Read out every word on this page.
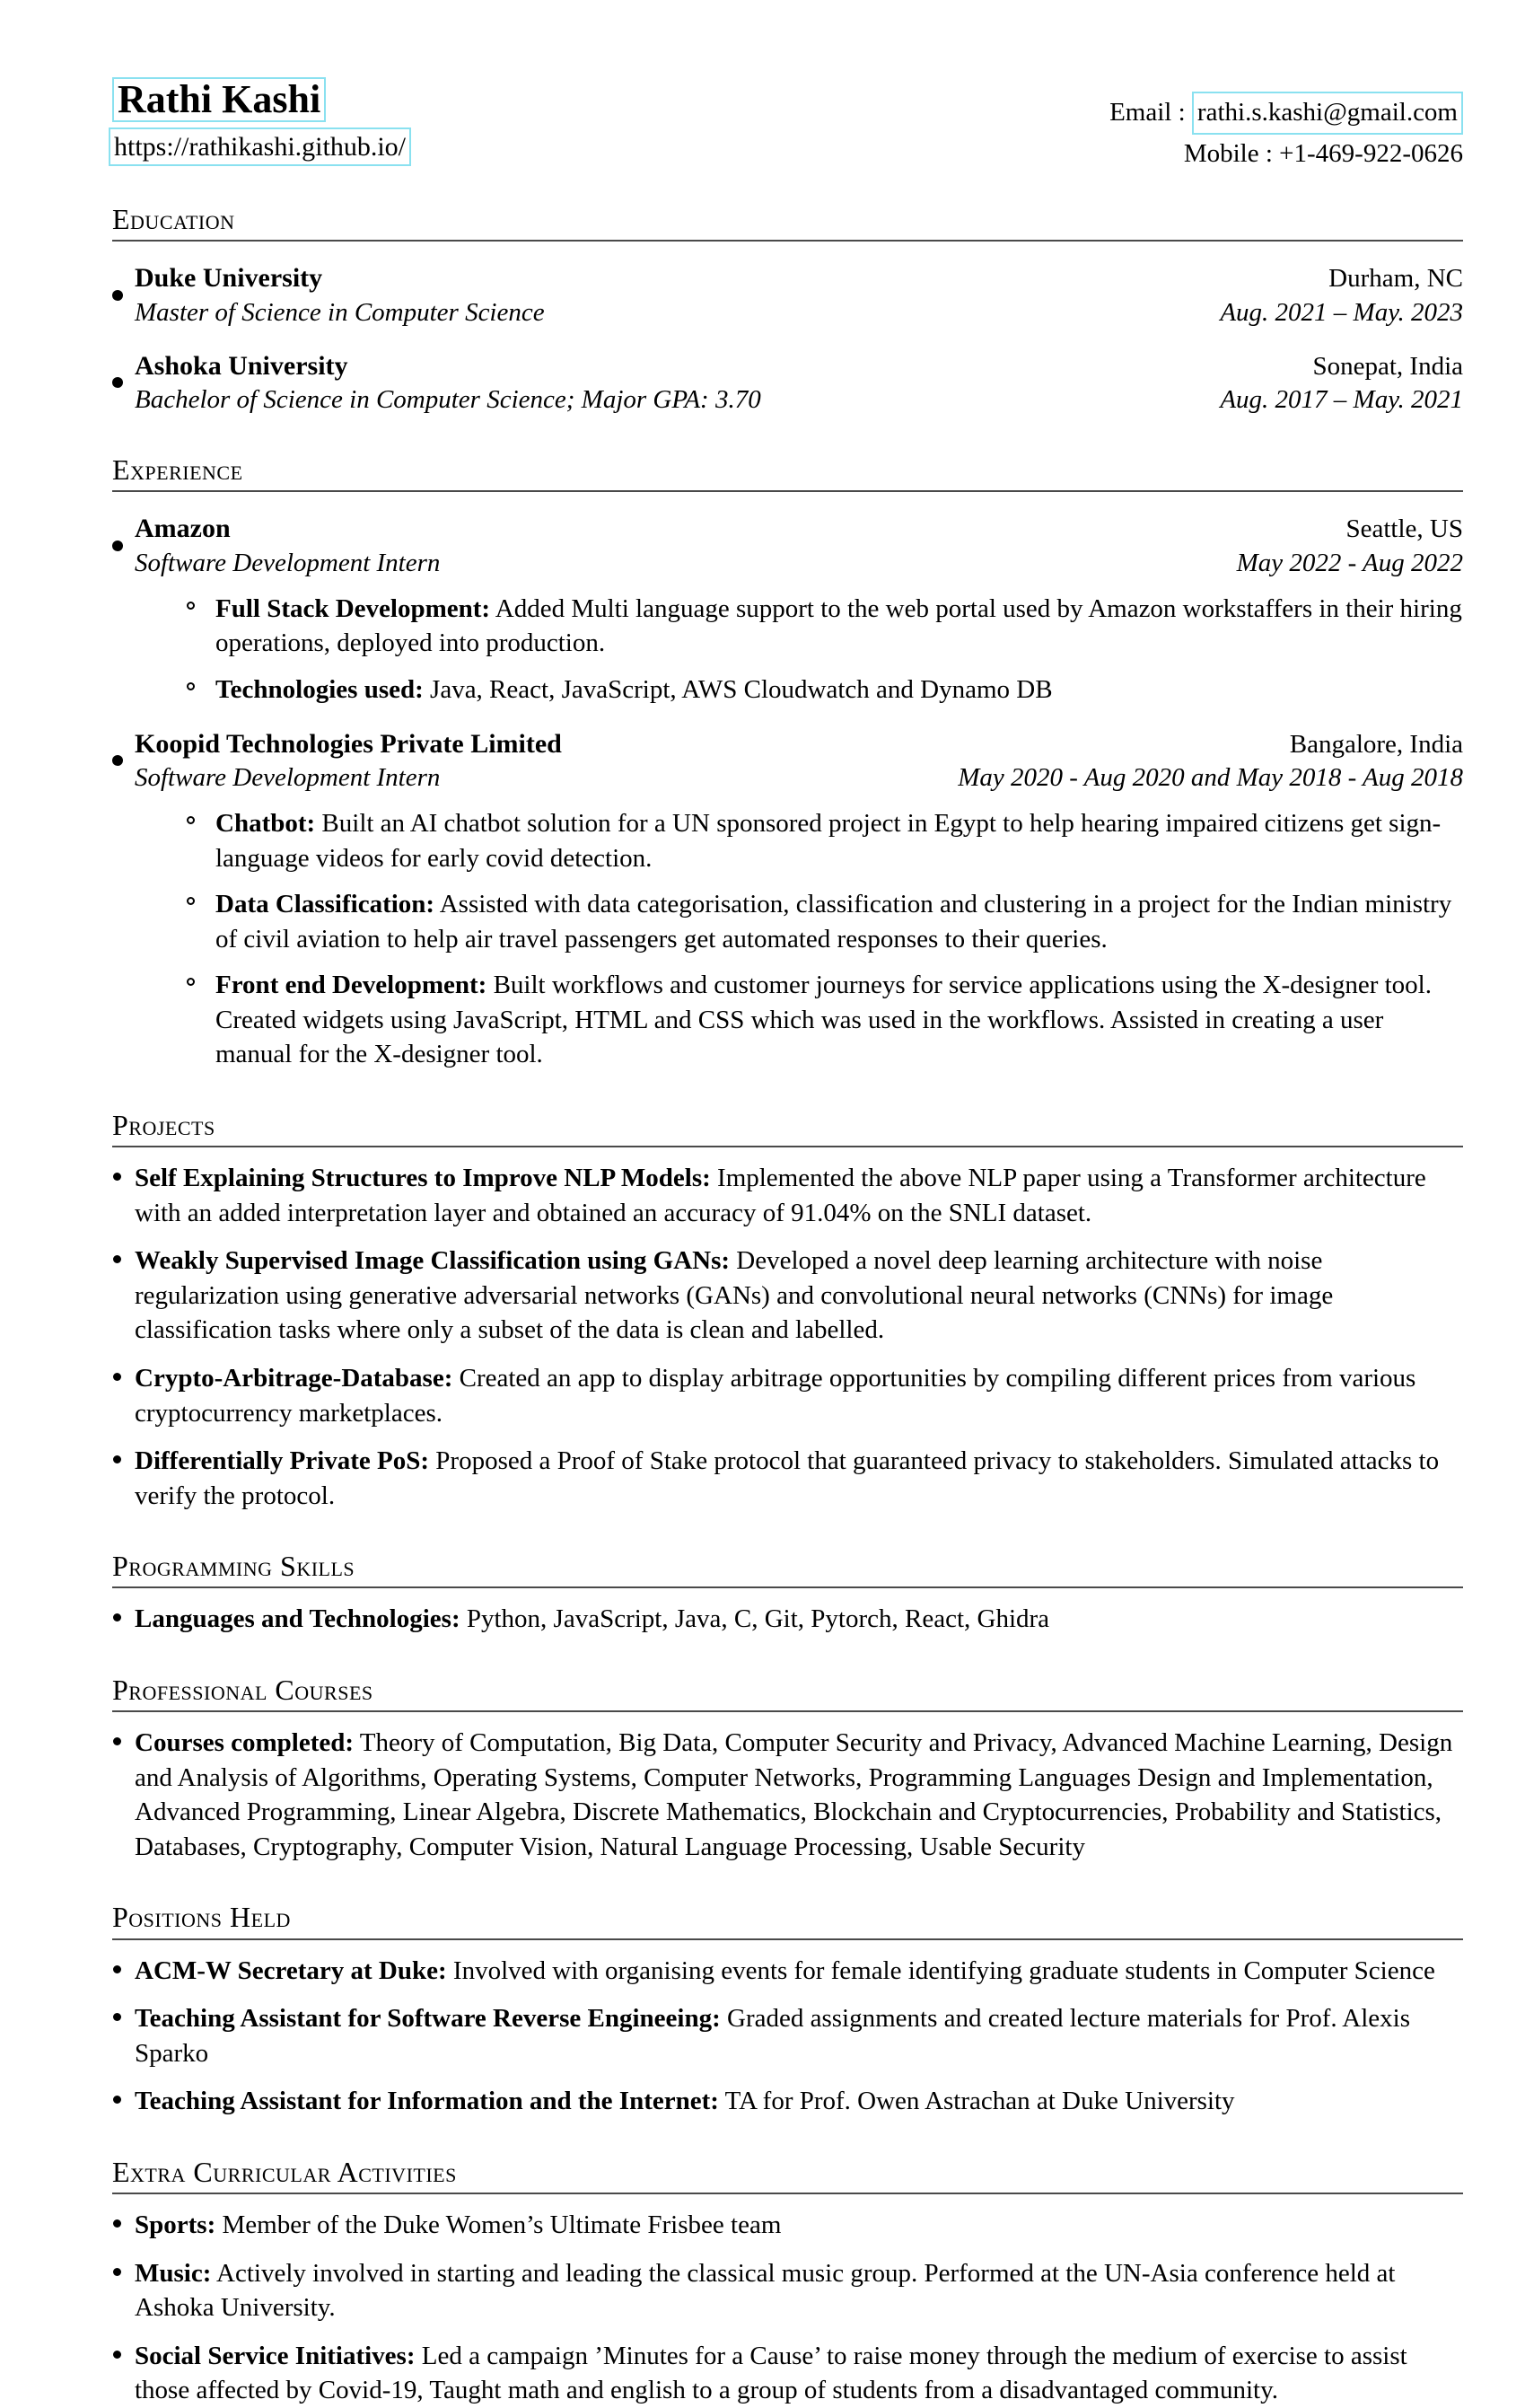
Rathi Kashi
https://rathikashi.github.io/
Email : rathi.s.kashi@gmail.com
Mobile : +1-469-922-0626
Education
Duke University	Durham, NC
Master of Science in Computer Science	Aug. 2021 – May. 2023
Ashoka University	Sonepat, India
Bachelor of Science in Computer Science; Major GPA: 3.70	Aug. 2017 – May. 2021
Experience
Amazon	Seattle, US
Software Development Intern	May 2022 - Aug 2022
Full Stack Development: Added Multi language support to the web portal used by Amazon workstaffers in their hiring operations, deployed into production.
Technologies used: Java, React, JavaScript, AWS Cloudwatch and Dynamo DB
Koopid Technologies Private Limited	Bangalore, India
Software Development Intern	May 2020 - Aug 2020 and May 2018 - Aug 2018
Chatbot: Built an AI chatbot solution for a UN sponsored project in Egypt to help hearing impaired citizens get sign-language videos for early covid detection.
Data Classification: Assisted with data categorisation, classification and clustering in a project for the Indian ministry of civil aviation to help air travel passengers get automated responses to their queries.
Front end Development: Built workflows and customer journeys for service applications using the X-designer tool. Created widgets using JavaScript, HTML and CSS which was used in the workflows. Assisted in creating a user manual for the X-designer tool.
Projects
Self Explaining Structures to Improve NLP Models: Implemented the above NLP paper using a Transformer architecture with an added interpretation layer and obtained an accuracy of 91.04% on the SNLI dataset.
Weakly Supervised Image Classification using GANs: Developed a novel deep learning architecture with noise regularization using generative adversarial networks (GANs) and convolutional neural networks (CNNs) for image classification tasks where only a subset of the data is clean and labelled.
Crypto-Arbitrage-Database: Created an app to display arbitrage opportunities by compiling different prices from various cryptocurrency marketplaces.
Differentially Private PoS: Proposed a Proof of Stake protocol that guaranteed privacy to stakeholders. Simulated attacks to verify the protocol.
Programming Skills
Languages and Technologies: Python, JavaScript, Java, C, Git, Pytorch, React, Ghidra
Professional Courses
Courses completed: Theory of Computation, Big Data, Computer Security and Privacy, Advanced Machine Learning, Design and Analysis of Algorithms, Operating Systems, Computer Networks, Programming Languages Design and Implementation, Advanced Programming, Linear Algebra, Discrete Mathematics, Blockchain and Cryptocurrencies, Probability and Statistics, Databases, Cryptography, Computer Vision, Natural Language Processing, Usable Security
Positions Held
ACM-W Secretary at Duke: Involved with organising events for female identifying graduate students in Computer Science
Teaching Assistant for Software Reverse Engineeing: Graded assignments and created lecture materials for Prof. Alexis Sparko
Teaching Assistant for Information and the Internet: TA for Prof. Owen Astrachan at Duke University
Extra Curricular Activities
Sports: Member of the Duke Women’s Ultimate Frisbee team
Music: Actively involved in starting and leading the classical music group. Performed at the UN-Asia conference held at Ashoka University.
Social Service Initiatives: Led a campaign ’Minutes for a Cause’ to raise money through the medium of exercise to assist those affected by Covid-19, Taught math and english to a group of students from a disadvantaged community.
